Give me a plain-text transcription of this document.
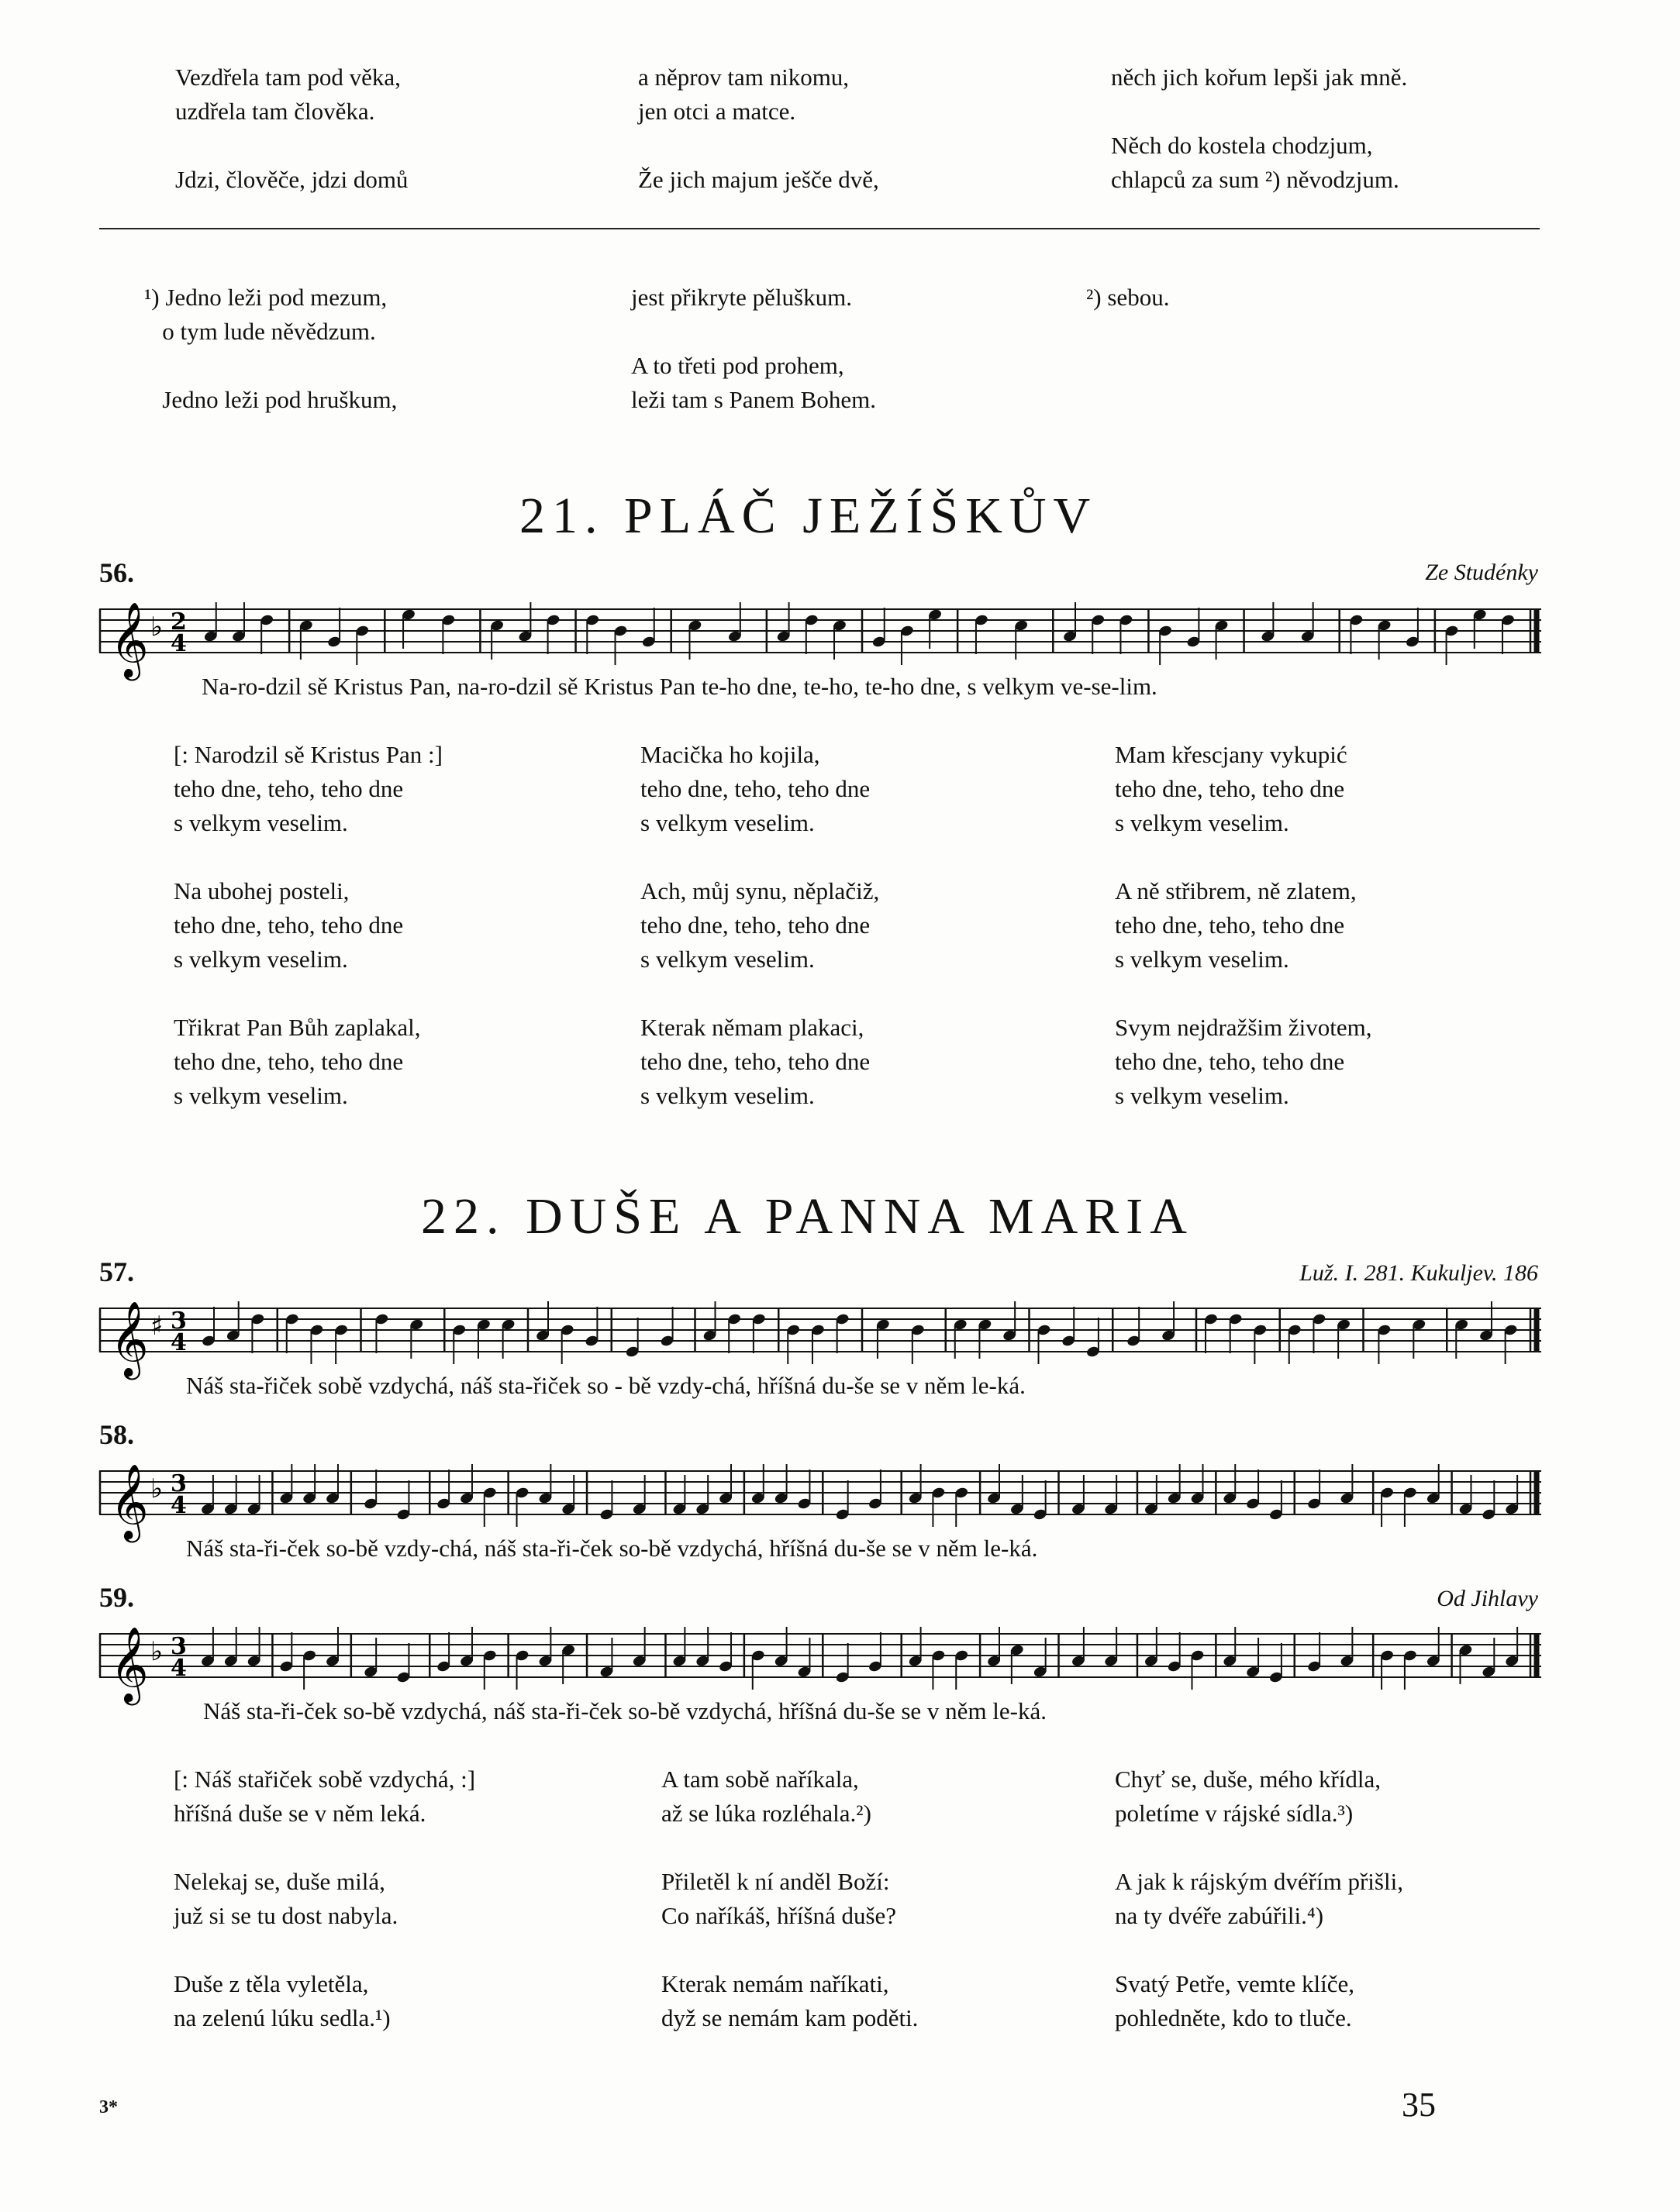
Vezdřela tam pod věka,
uzdřela tam člověka.

Jdzi, člověče, jdzi domů
a něprov tam nikomu,
jen otci a matce.

Že jich majum ješče dvě,
něch jich kořum lepši jak mně.

Něch do kostela chodzjum,
chlapců za sum ²) něvodzjum.
¹) Jedno leži pod mezum,
o tym lude něvědzum.

Jedno leži pod hruškum,
jest přikryte pěluškum.

A to třeti pod prohem,
leži tam s Panem Bohem.
²) sebou.
21. PLÁČ JEŽÍŠKŮV
56.	Ze Studénky
𝄞 ♭ 2
4
Na-ro-dzil sě Kristus Pan, na-ro-dzil sě Kristus Pan te-ho dne, te-ho, te-ho dne, s velkym ve-se-lim.
[: Narodzil sě Kristus Pan :]
teho dne, teho, teho dne
s velkym veselim.

Na ubohej posteli,
teho dne, teho, teho dne
s velkym veselim.

Třikrat Pan Bůh zaplakal,
teho dne, teho, teho dne
s velkym veselim.
Macička ho kojila,
teho dne, teho, teho dne
s velkym veselim.

Ach, můj synu, něplačiž,
teho dne, teho, teho dne
s velkym veselim.

Kterak němam plakaci,
teho dne, teho, teho dne
s velkym veselim.
Mam křescjany vykupić
teho dne, teho, teho dne
s velkym veselim.

A ně střibrem, ně zlatem,
teho dne, teho, teho dne
s velkym veselim.

Svym nejdražšim životem,
teho dne, teho, teho dne
s velkym veselim.
22. DUŠE A PANNA MARIA
57.	Luž. I. 281. Kukuljev. 186
𝄞 ♯ 3
4
Náš sta-řiček sobě vzdychá, náš sta-řiček so - bě vzdy-chá, hříšná du-še se v něm le-ká.
58.
𝄞 ♭ 3
4
Náš sta-ři-ček so-bě vzdy-chá, náš sta-ři-ček so-bě vzdychá, hříšná du-še se v něm le-ká.
59.	Od Jihlavy
𝄞 ♭ 3
4
Náš sta-ři-ček so-bě vzdychá, náš sta-ři-ček so-bě vzdychá, hříšná du-še se v něm le-ká.
[: Náš stařiček sobě vzdychá, :]
hříšná duše se v něm leká.

Nelekaj se, duše milá,
juž si se tu dost nabyla.

Duše z těla vyletěla,
na zelenú lúku sedla.¹)
A tam sobě naříkala,
až se lúka rozléhala.²)

Přiletěl k ní anděl Boží:
Co naříkáš, hříšná duše?

Kterak nemám naříkati,
dyž se nemám kam poděti.
Chyť se, duše, mého křídla,
poletíme v rájské sídla.³)

A jak k rájským dvéřím přišli,
na ty dvéře zabúřili.⁴)

Svatý Petře, vemte klíče,
pohledněte, kdo to tluče.
3*	35
